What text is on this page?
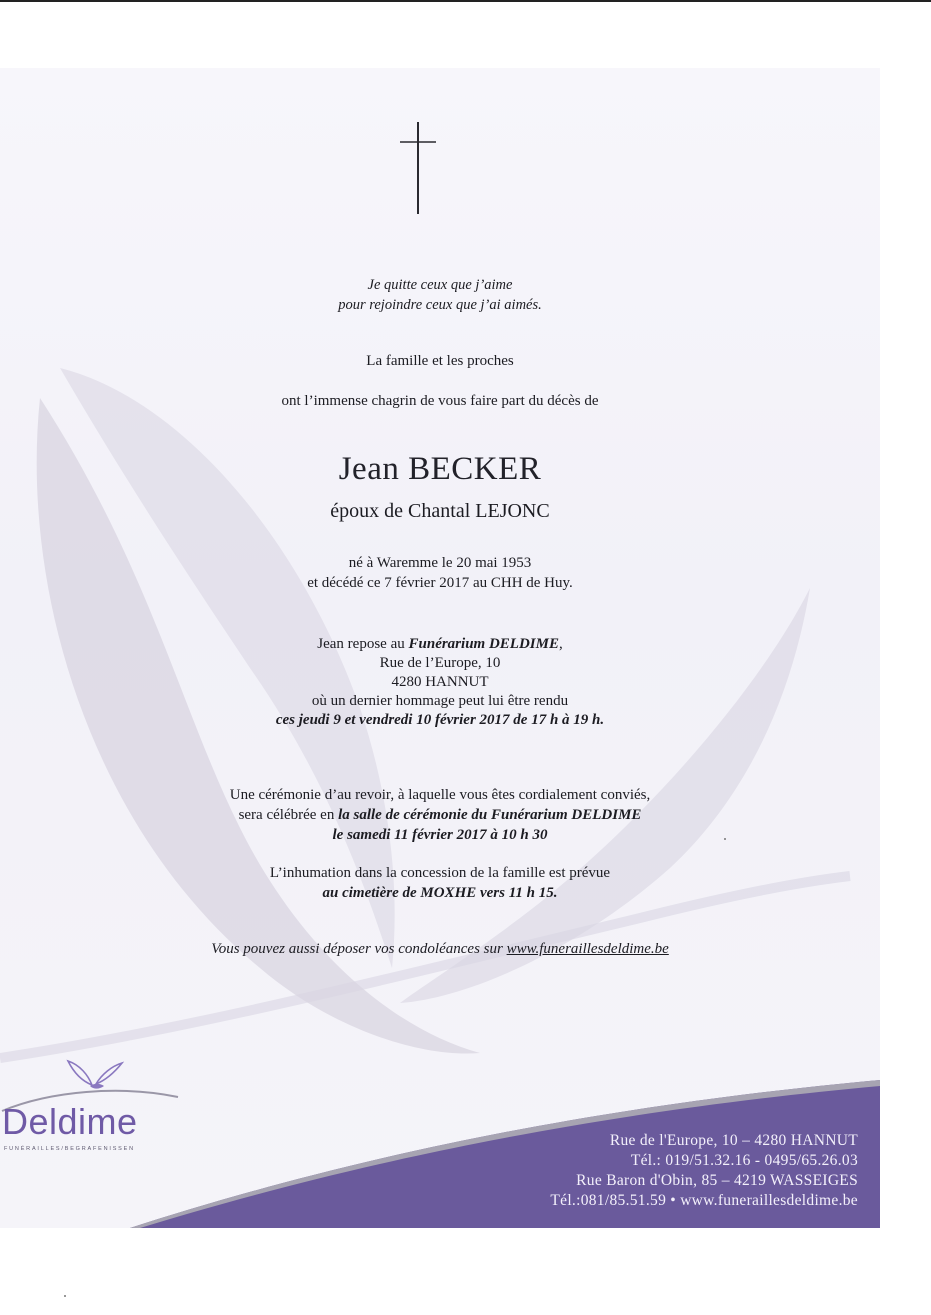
Je quitte ceux que j’aime
pour rejoindre ceux que j’ai aimés.
La famille et les proches
ont l’immense chagrin de vous faire part du décès de
Jean BECKER
époux de Chantal LEJONC
né à Waremme le 20 mai 1953
et décédé ce 7 février 2017 au CHH de Huy.
Jean repose au Funérarium DELDIME,
Rue de l’Europe, 10
4280 HANNUT
où un dernier hommage peut lui être rendu
ces jeudi 9 et vendredi 10 février 2017 de 17 h à 19 h.
Une cérémonie d’au revoir, à laquelle vous êtes cordialement conviés,
sera célébrée en la salle de cérémonie du Funérarium DELDIME
le samedi 11 février 2017 à 10 h 30
L’inhumation dans la concession de la famille est prévue
au cimetière de MOXHE vers 11 h 15.
Vous pouvez aussi déposer vos condoléances sur www.funeraillesdeldime.be
Deldime
FUNÉRAILLES/BEGRAFENISSEN	Rue de l'Europe, 10 – 4280 HANNUT
Tél.: 019/51.32.16 - 0495/65.26.03
Rue Baron d'Obin, 85 – 4219 WASSEIGES
Tél.:081/85.51.59 • www.funeraillesdeldime.be
